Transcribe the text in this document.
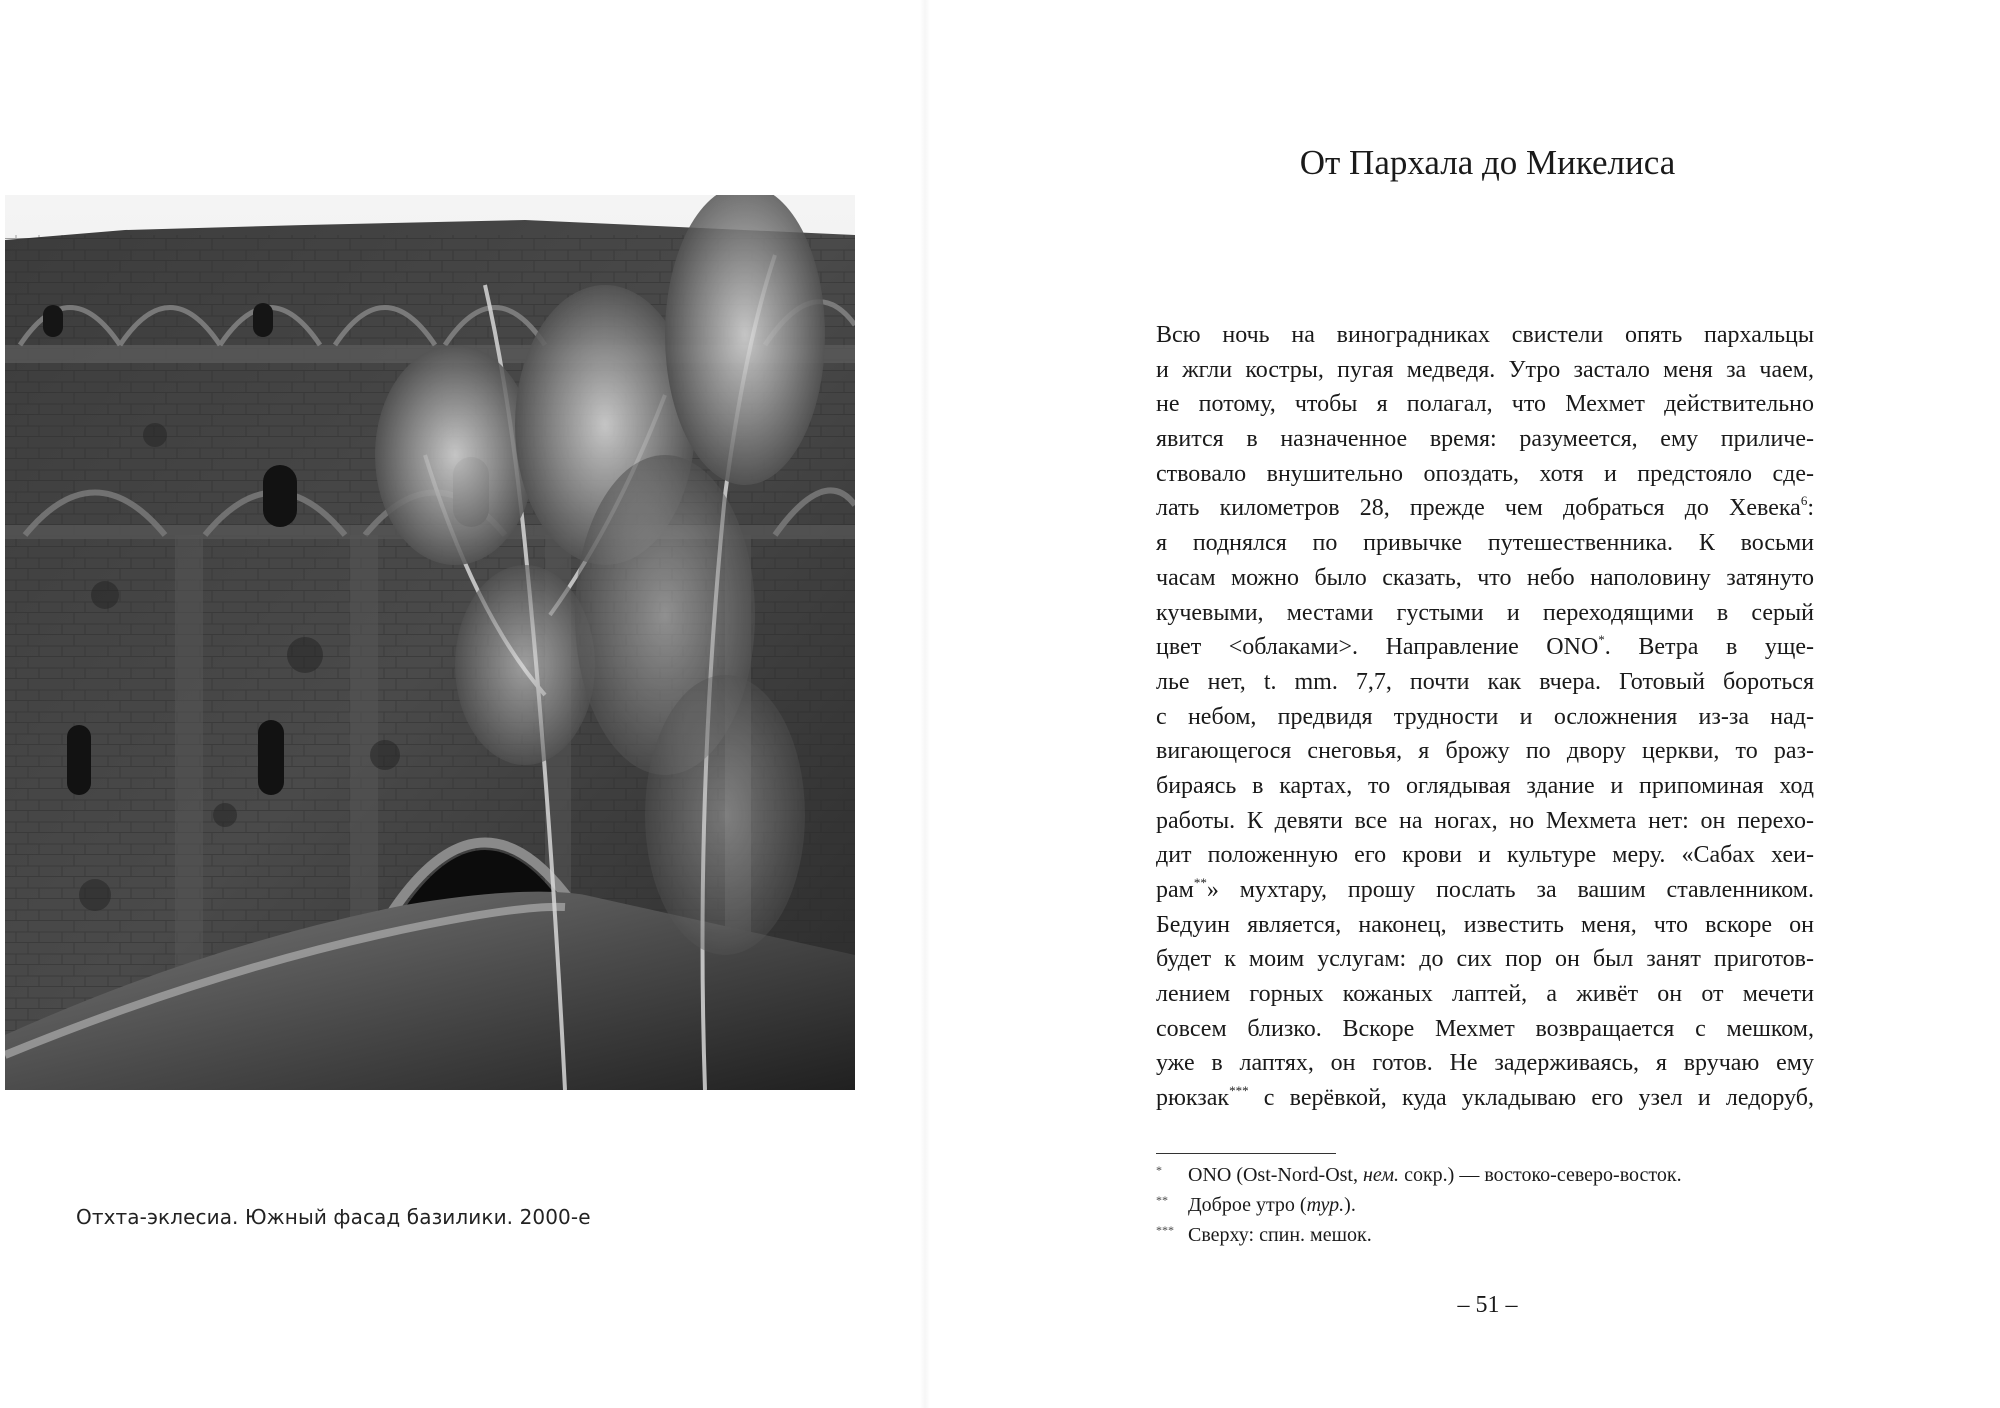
Отхта-эклесиа. Южный фасад базилики. 2000-е
От Пархала до Микелиса
Всю ночь на виноградниках свистели опять пархальцы
и жгли костры, пугая медведя. Утро застало меня за чаем,
не потому, чтобы я полагал, что Мехмет действительно
явится в назначенное время: разумеется, ему приличе-
ствовало внушительно опоздать, хотя и предстояло сде-
лать километров 28, прежде чем добраться до Хевека$^6$:
я поднялся по привычке путешественника. К восьми
часам можно было сказать, что небо наполовину затянуто
кучевыми, местами густыми и переходящими в серый
цвет <облаками>. Направление ONO*. Ветра в уще-
лье нет, t. mm. 7,7, почти как вчера. Готовый бороться
с небом, предвидя трудности и осложнения из-за над-
вигающегося снеговья, я брожу по двору церкви, то раз-
бираясь в картах, то оглядывая здание и припоминая ход
работы. К девяти все на ногах, но Мехмета нет: он перехо-
дит положенную его крови и культуре меру. «Сабах хеи-
рам**» мухтару, прошу послать за вашим ставленником.
Бедуин является, наконец, известить меня, что вскоре он
будет к моим услугам: до сих пор он был занят приготов-
лением горных кожаных лаптей, а живёт он от мечети
совсем близко. Вскоре Мехмет возвращается с мешком,
уже в лаптях, он готов. Не задерживаясь, я вручаю ему
рюкзак*** с верёвкой, куда укладываю его узел и ледоруб,
*	ONO (Ost-Nord-Ost, нем. сокр.) — востоко-северо-восток.
**	Доброе утро (тур.).
*** Сверху: спин. мешок.
– 51 –
